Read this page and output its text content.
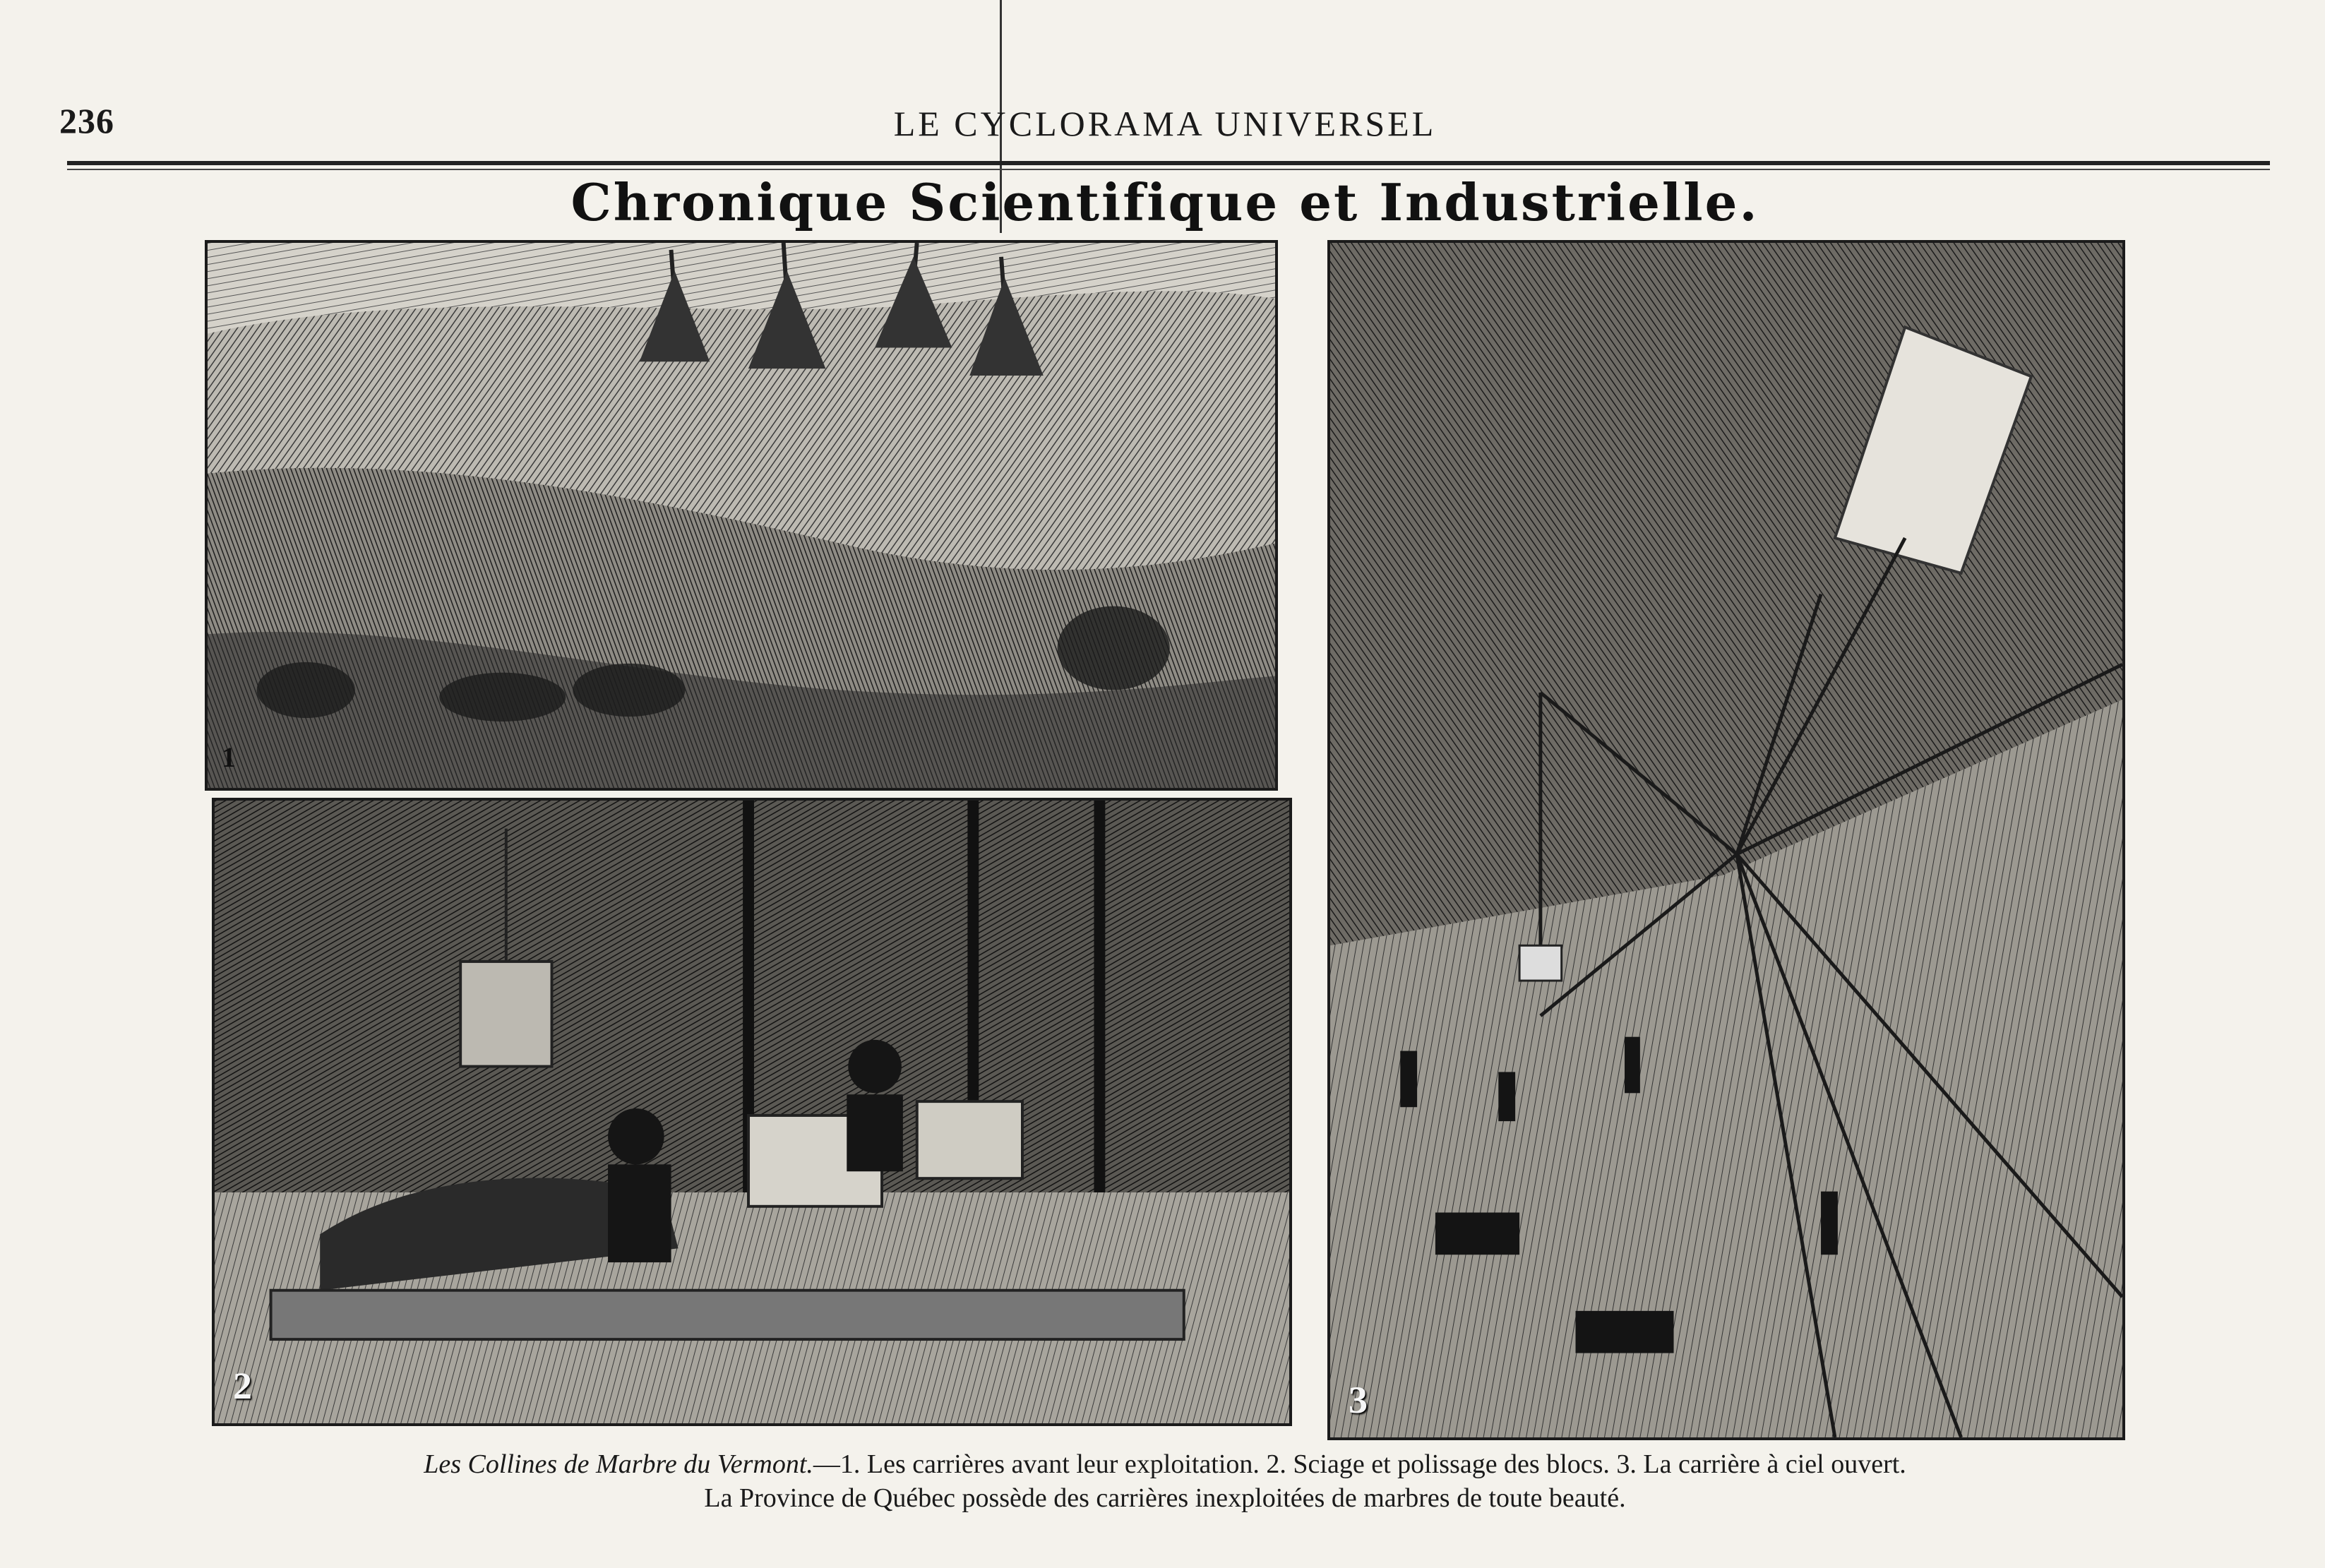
236	LE CYCLORAMA UNIVERSEL
Chronique Scientifique et Industrielle.
1
2	3
Les Collines de Marbre du Vermont.—1. Les carrières avant leur exploitation. 2. Sciage et polissage des blocs. 3. La carrière à ciel ouvert.
La Province de Québec possède des carrières inexploitées de marbres de toute beauté.
